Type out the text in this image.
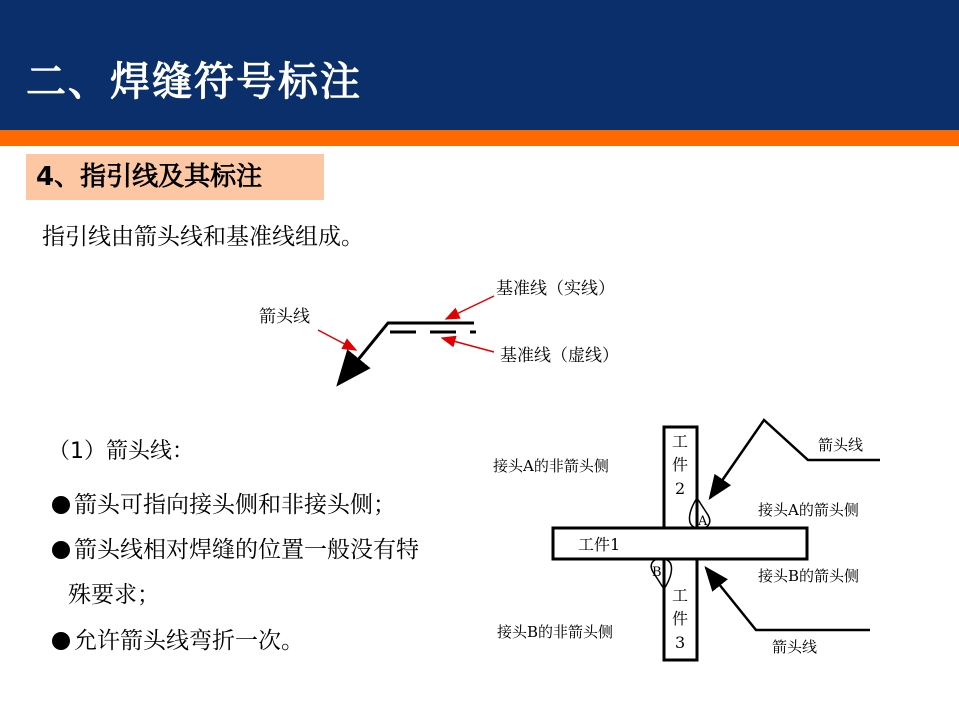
二、焊缝符号标注
4、指引线及其标注
指引线由箭头线和基准线组成。
箭头线
基准线（实线）
基准线（虚线）
（1）箭头线：
箭头可指向接头侧和非接头侧；
箭头线相对焊缝的位置一般没有特
殊要求；
允许箭头线弯折一次。
工
件
2
工件1
工
件
3
A
B
接头A的非箭头侧
接头A的箭头侧
接头B的箭头侧
接头B的非箭头侧
箭头线
箭头线
